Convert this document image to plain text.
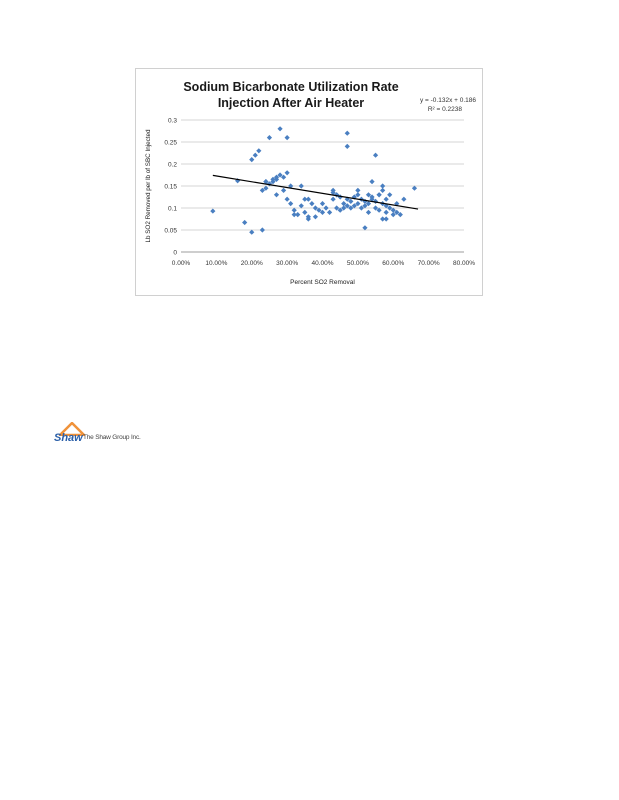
0
0.05
0.1
0.15
0.2
0.25
0.3
0.00% 10.00% 20.00% 30.00% 40.00% 50.00% 60.00% 70.00% 80.00%
Sodium Bicarbonate Utilization Rate
Injection After Air Heater	y = -0.132x + 0.186
R² = 0.2238
Percent SO2 Removal
Lb SO2 Removed per lb of SBC Injected
Shaw The Shaw Group Inc.
